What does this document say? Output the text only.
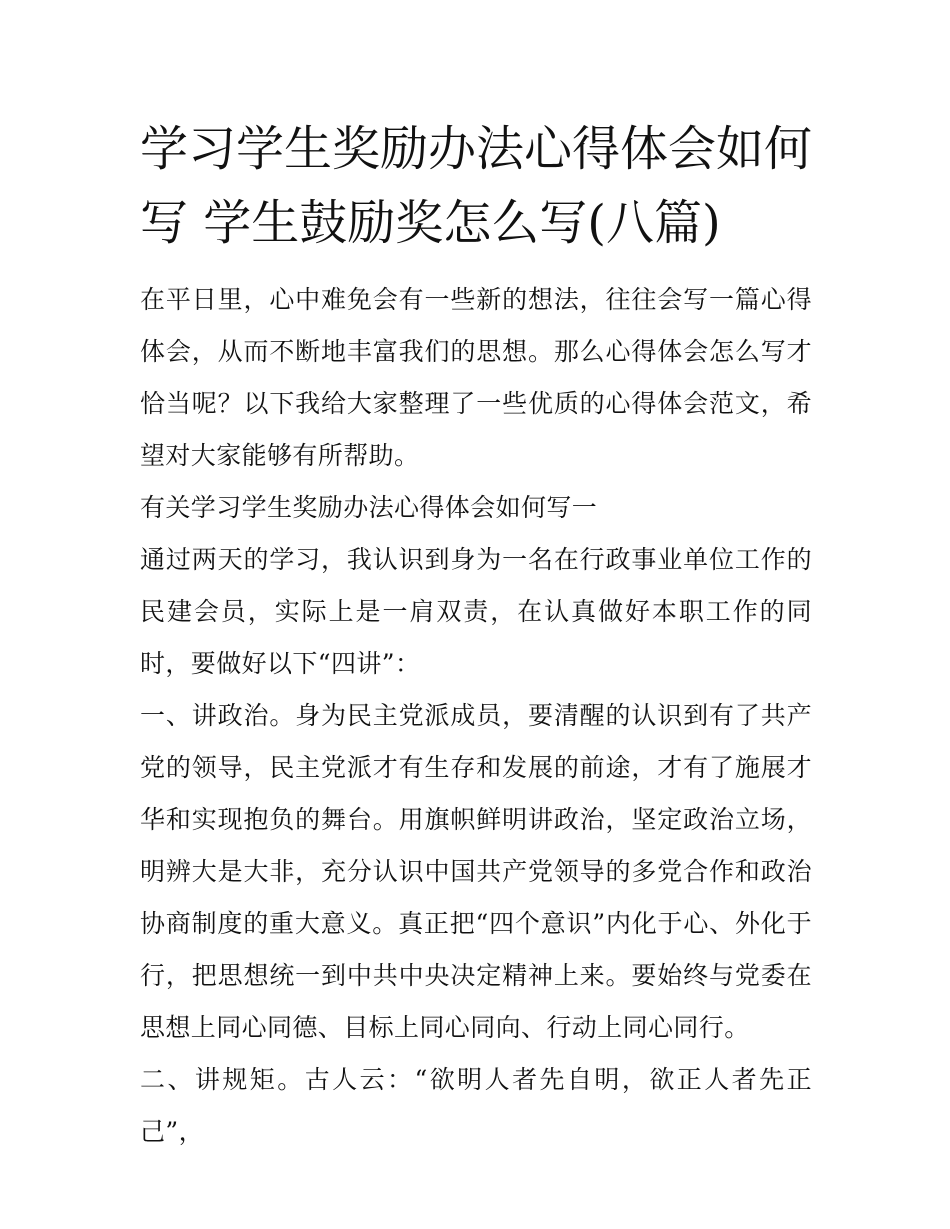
学习学生奖励办法心得体会如何写 学生鼓励奖怎么写(八篇)

在平日里，心中难免会有一些新的想法，往往会写一篇心得体会，从而不断地丰富我们的思想。那么心得体会怎么写才恰当呢？以下我给大家整理了一些优质的心得体会范文，希望对大家能够有所帮助。

有关学习学生奖励办法心得体会如何写一

通过两天的学习，我认识到身为一名在行政事业单位工作的民建会员，实际上是一肩双责，在认真做好本职工作的同时，要做好以下“四讲”：

一、讲政治。身为民主党派成员，要清醒的认识到有了共产党的领导，民主党派才有生存和发展的前途，才有了施展才华和实现抱负的舞台。用旗帜鲜明讲政治，坚定政治立场，明辨大是大非，充分认识中国共产党领导的多党合作和政治协商制度的重大意义。真正把“四个意识”内化于心、外化于行，把思想统一到中共中央决定精神上来。要始终与党委在思想上同心同德、目标上同心同向、行动上同心同行。

二、讲规矩。古人云：“欲明人者先自明，欲正人者先正己”，
